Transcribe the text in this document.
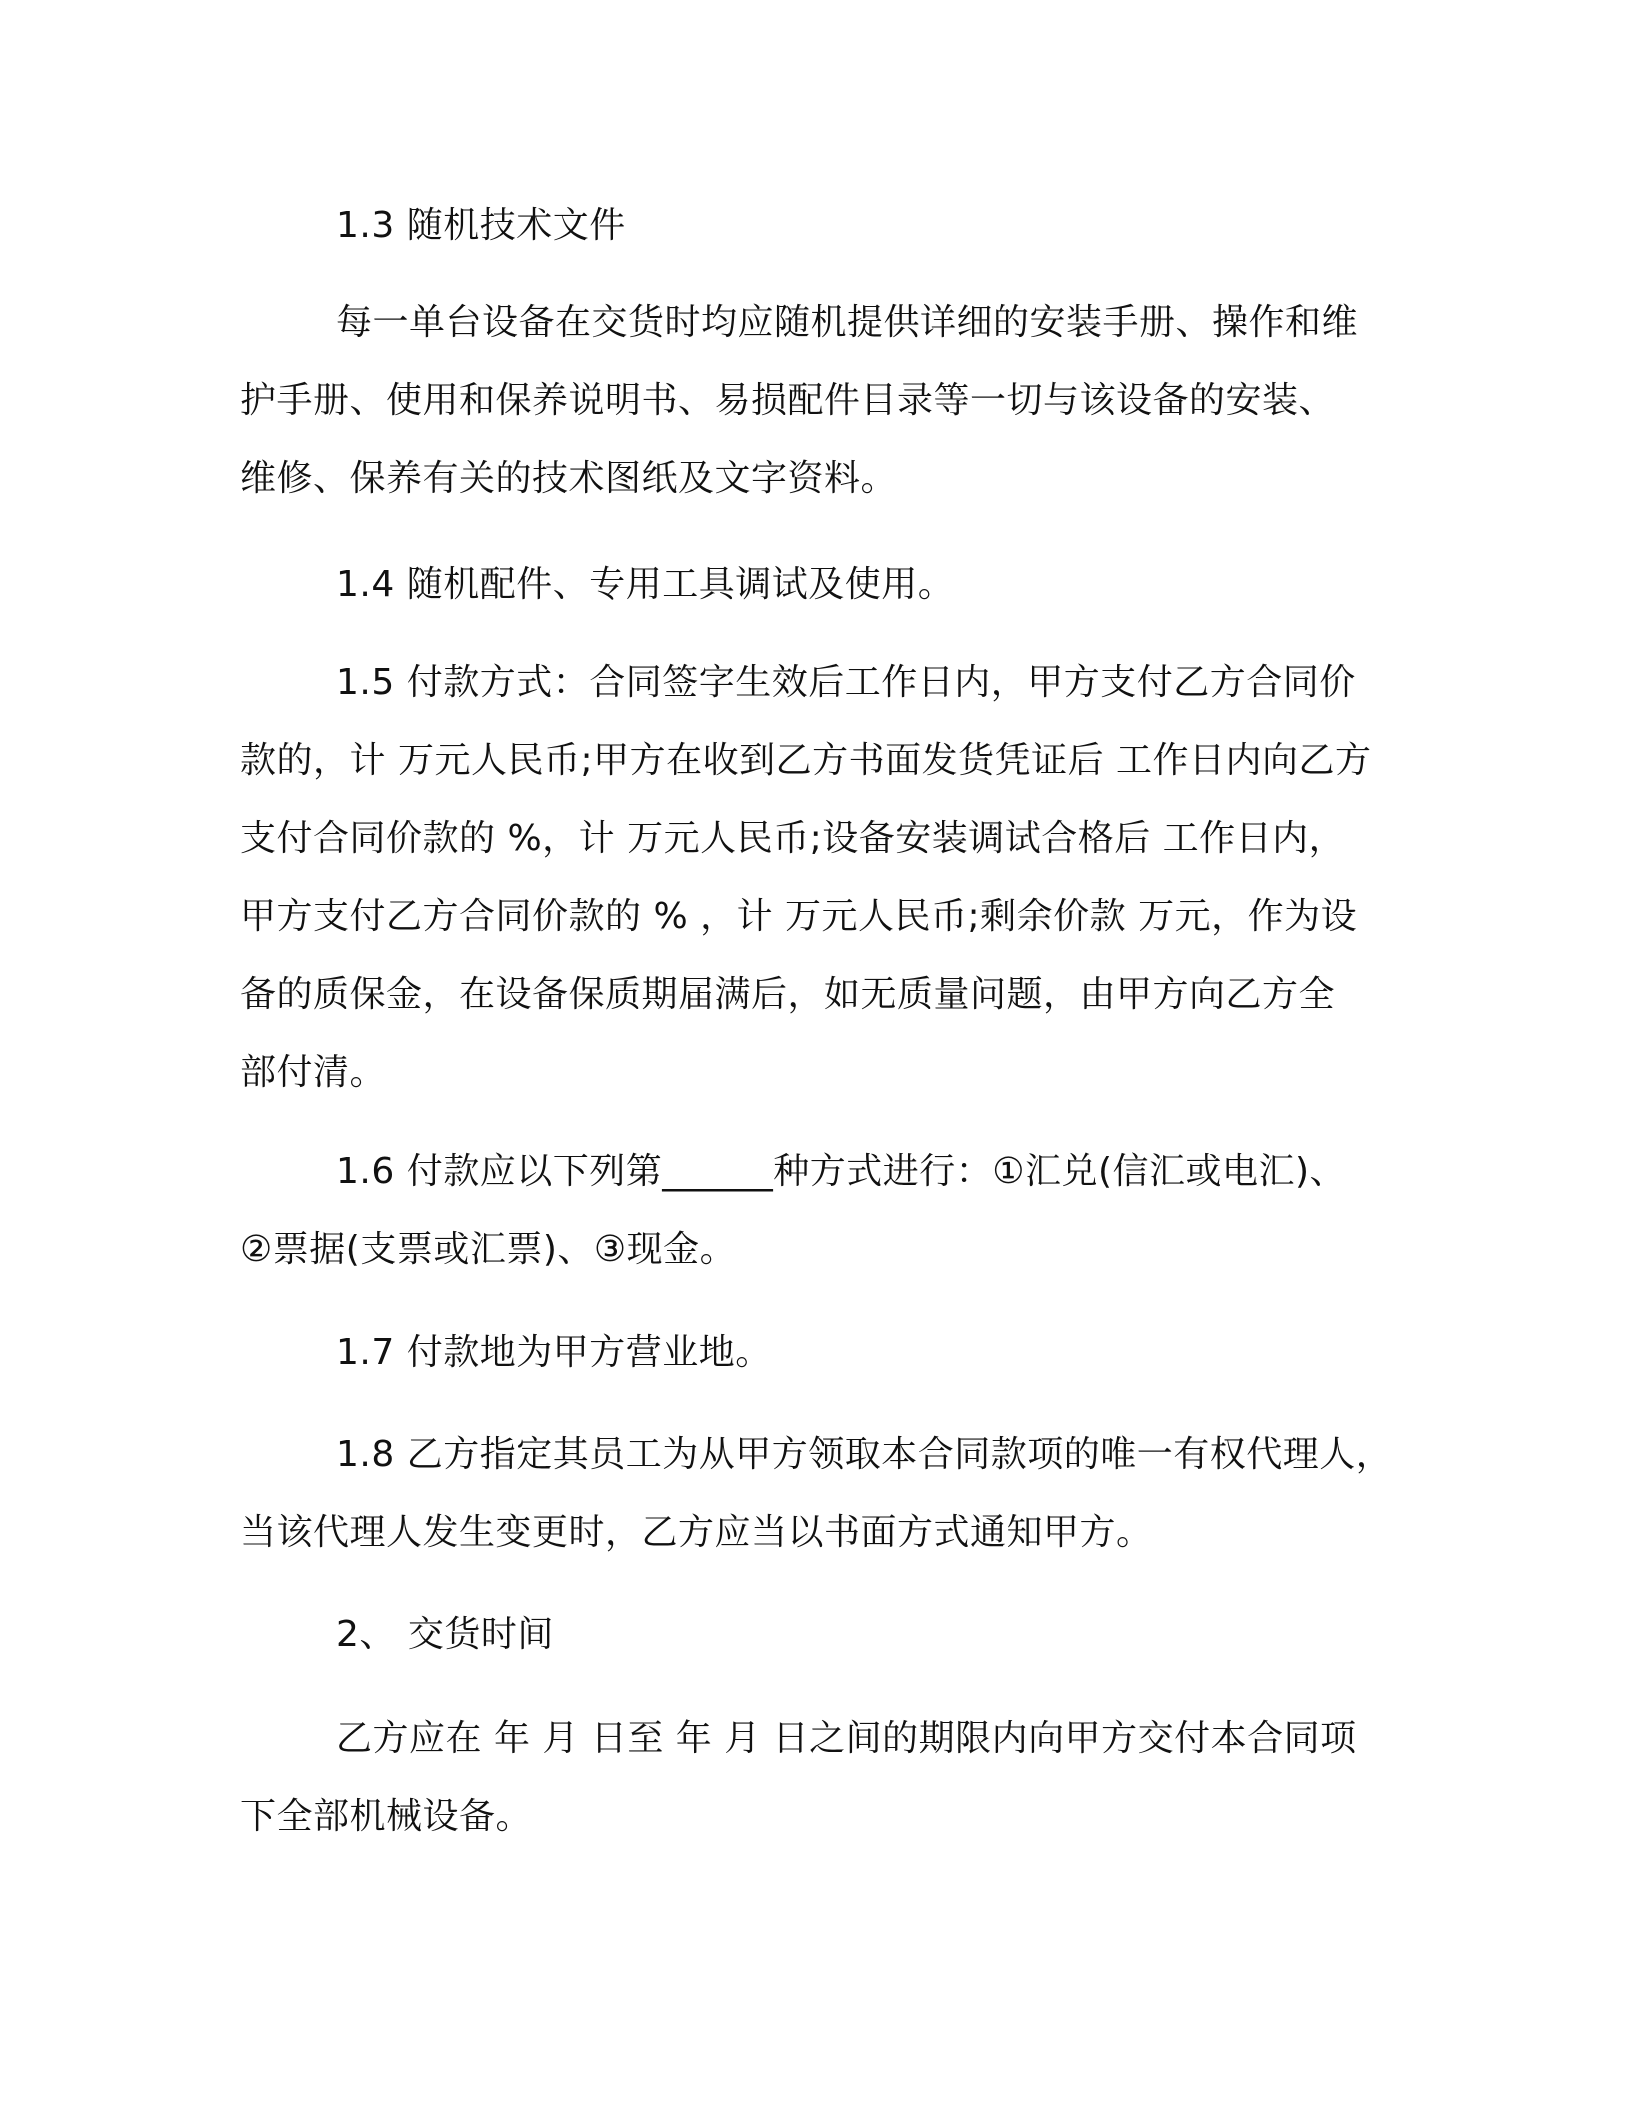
1.3 随机技术文件
每一单台设备在交货时均应随机提供详细的安装手册、操作和维
护手册、使用和保养说明书、易损配件目录等一切与该设备的安装、
维修、保养有关的技术图纸及文字资料。
1.4 随机配件、专用工具调试及使用。
1.5 付款方式：合同签字生效后工作日内，甲方支付乙方合同价
款的，计 万元人民币;甲方在收到乙方书面发货凭证后 工作日内向乙方
支付合同价款的 %，计 万元人民币;设备安装调试合格后 工作日内，
甲方支付乙方合同价款的 % ，计 万元人民币;剩余价款 万元，作为设
备的质保金，在设备保质期届满后，如无质量问题，由甲方向乙方全
部付清。
1.6 付款应以下列第______种方式进行：①汇兑(信汇或电汇)、
②票据(支票或汇票)、③现金。
1.7 付款地为甲方营业地。
1.8 乙方指定其员工为从甲方领取本合同款项的唯一有权代理人，
当该代理人发生变更时，乙方应当以书面方式通知甲方。
2、 交货时间
乙方应在 年 月 日至 年 月 日之间的期限内向甲方交付本合同项
下全部机械设备。
